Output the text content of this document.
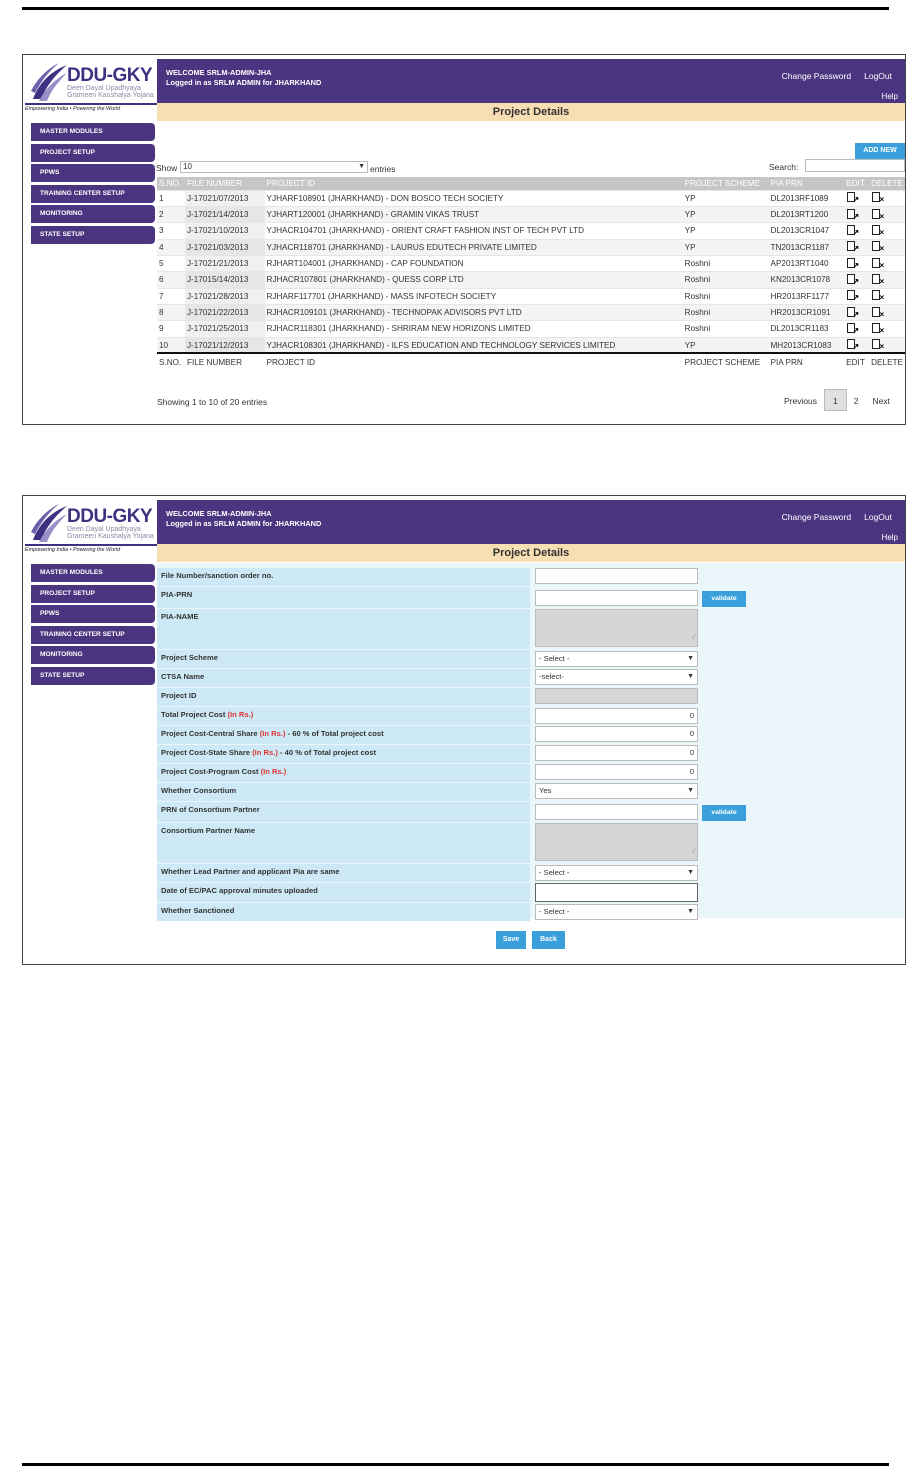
DDU-GKY
Deen Dayal Upadhyaya
Grameen Kaushalya Yojana
Empowering India • Powering the World
WELCOME SRLM-ADMIN-JHA
Logged in as SRLM ADMIN for JHARKHAND
Change Password LogOut
Help
MASTER MODULES
PROJECT SETUP
PPWS
TRAINING CENTER SETUP
MONITORING
STATE SETUP
Project Details
ADD NEW
Show 10	▼ entries	Search:
S.NO.	FILE NUMBER	PROJECT ID	PROJECT SCHEME	PIA PRN	EDIT	DELETE
1	J-17021/07/2013	YJHARF108901 (JHARKHAND) - DON BOSCO TECH SOCIETY	YP	DL2013RF1089	↗	×

2	J-17021/14/2013	YJHART120001 (JHARKHAND) - GRAMIN VIKAS TRUST	YP	DL2013RT1200	↗	×

3	J-17021/10/2013	YJHACR104701 (JHARKHAND) - ORIENT CRAFT FASHION INST OF TECH PVT LTD	YP	DL2013CR1047	↗	×

4	J-17021/03/2013	YJHACR118701 (JHARKHAND) - LAURUS EDUTECH PRIVATE LIMITED	YP	TN2013CR1187	↗	×

5	J-17021/21/2013	RJHART104001 (JHARKHAND) - CAP FOUNDATION	Roshni	AP2013RT1040	↗	×

6	J-17015/14/2013	RJHACR107801 (JHARKHAND) - QUESS CORP LTD	Roshni	KN2013CR1078	↗	×

7	J-17021/28/2013	RJHARF117701 (JHARKHAND) - MASS INFOTECH SOCIETY	Roshni	HR2013RF1177	↗	×

8	J-17021/22/2013	RJHACR109101 (JHARKHAND) - TECHNOPAK ADVISORS PVT LTD	Roshni	HR2013CR1091	↗	×

9	J-17021/25/2013	RJHACR118301 (JHARKHAND) - SHRIRAM NEW HORIZONS LIMITED	Roshni	DL2013CR1183	↗	×

10	J-17021/12/2013	YJHACR108301 (JHARKHAND) - ILFS EDUCATION AND TECHNOLOGY SERVICES LIMITED	YP	MH2013CR1083	↗	×

S.NO.	FILE NUMBER	PROJECT ID	PROJECT SCHEME	PIA PRN	EDIT	DELETE
Showing 1 to 10 of 20 entries	Previous 1 2 Next
DDU-GKY
Deen Dayal Upadhyaya
Grameen Kaushalya Yojana
Empowering India • Powering the World
WELCOME SRLM-ADMIN-JHA
Logged in as SRLM ADMIN for JHARKHAND
Change Password LogOut
Help
MASTER MODULES
PROJECT SETUP
PPWS
TRAINING CENTER SETUP
MONITORING
STATE SETUP
Project Details
File Number/sanction order no.
PIA-PRN	validate
PIA-NAME
⁄⁄
Project Scheme	- Select -	▼
CTSA Name	-select-	▼
Project ID
Total Project Cost (In Rs.)	0
Project Cost-Central Share (In Rs.) - 60 % of Total project cost	0
Project Cost-State Share (In Rs.) - 40 % of Total project cost	0
Project Cost-Program Cost (In Rs.)	0
Whether Consortium	Yes	▼
PRN of Consortium Partner	validate
Consortium Partner Name
⁄⁄
Whether Lead Partner and applicant Pia are same	- Select -	▼
Date of EC/PAC approval minutes uploaded
Whether Sanctioned	- Select -	▼
Save	Back
